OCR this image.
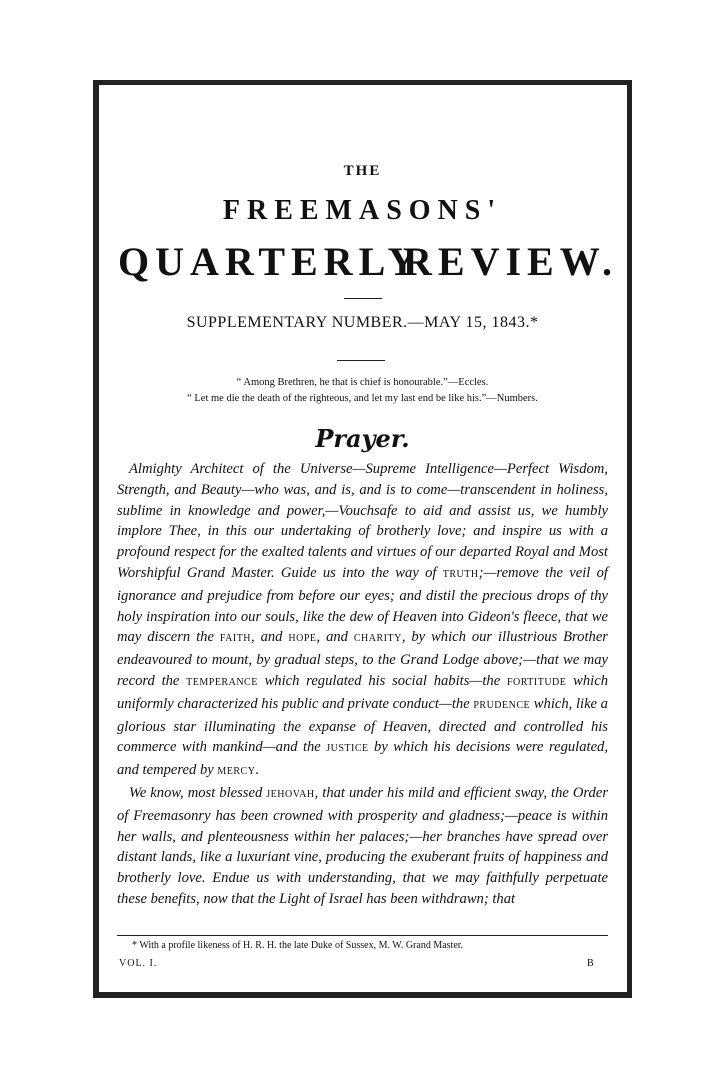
THE
FREEMASONS'
QUARTERLY
REVIEW.
SUPPLEMENTARY NUMBER.—MAY 15, 1843.*
“ Among Brethren, he that is chief is honourable.”—Eccles.
“ Let me die the death of the righteous, and let my last end be like his.”—Numbers.
Prayer.

Almighty Architect of the Universe—Supreme Intelligence—Perfect Wisdom, Strength, and Beauty—who was, and is, and is to come—transcendent in holiness, sublime in knowledge and power,—Vouchsafe to aid and assist us, we humbly implore Thee, in this our undertaking of brotherly love; and inspire us with a profound respect for the exalted talents and virtues of our departed Royal and Most Worshipful Grand Master. Guide us into the way of TRUTH;—remove the veil of ignorance and prejudice from before our eyes; and distil the precious drops of thy holy inspiration into our souls, like the dew of Heaven into Gideon's fleece, that we may discern the FAITH, and HOPE, and CHARITY, by which our illustrious Brother endeavoured to mount, by gradual steps, to the Grand Lodge above;—that we may record the TEMPERANCE which regulated his social habits—the FORTITUDE which uniformly characterized his public and private conduct—the PRUDENCE which, like a glorious star illuminating the expanse of Heaven, directed and controlled his commerce with mankind—and the JUSTICE by which his decisions were regulated, and tempered by MERCY.

We know, most blessed JEHOVAH, that under his mild and efficient sway, the Order of Freemasonry has been crowned with prosperity and gladness;—peace is within her walls, and plenteousness within her palaces;—her branches have spread over distant lands, like a luxuriant vine, producing the exuberant fruits of happiness and brotherly love. Endue us with understanding, that we may faithfully perpetuate these benefits, now that the Light of Israel has been withdrawn; that

* With a profile likeness of H. R. H. the late Duke of Sussex, M. W. Grand Master.
VOL. I.	B
